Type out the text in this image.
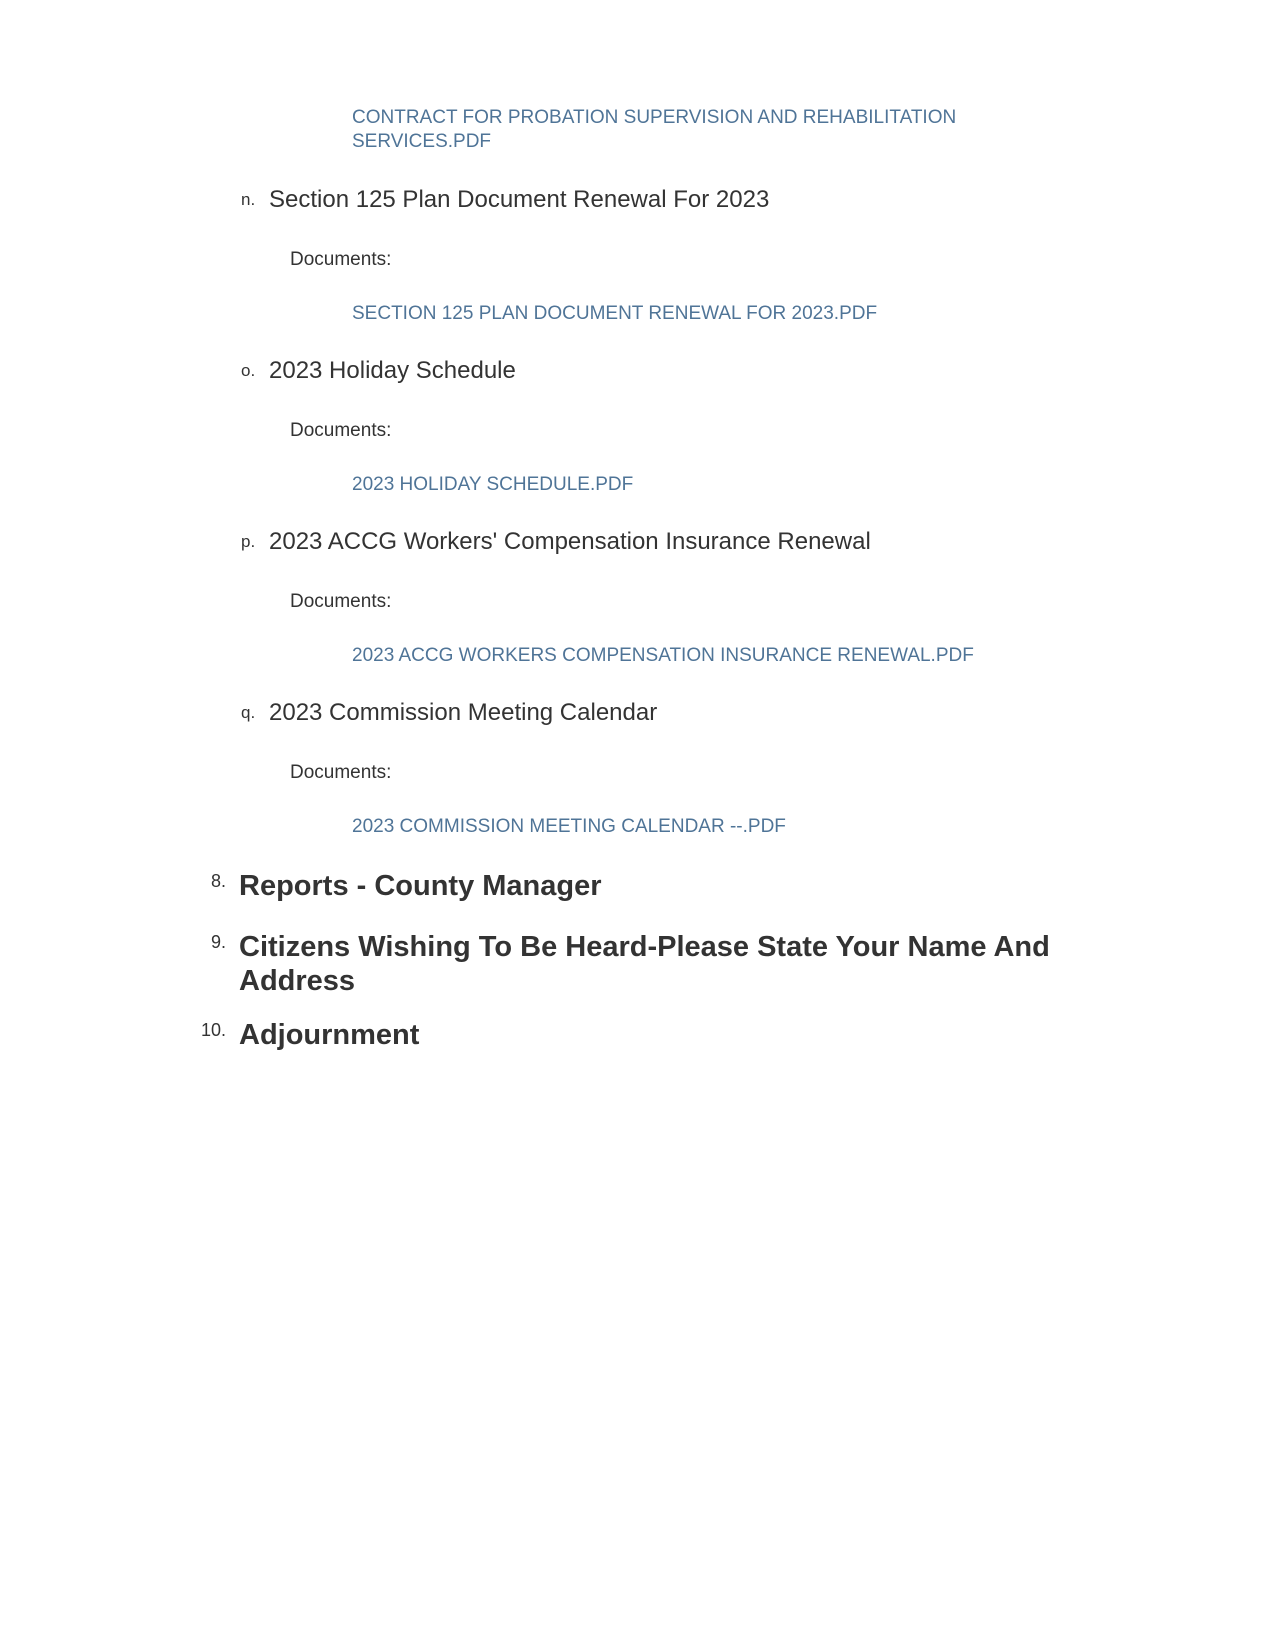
CONTRACT FOR PROBATION SUPERVISION AND REHABILITATION SERVICES.PDF
n. Section 125 Plan Document Renewal For 2023
Documents:
SECTION 125 PLAN DOCUMENT RENEWAL FOR 2023.PDF
o. 2023 Holiday Schedule
Documents:
2023 HOLIDAY SCHEDULE.PDF
p. 2023 ACCG Workers' Compensation Insurance Renewal
Documents:
2023 ACCG WORKERS COMPENSATION INSURANCE RENEWAL.PDF
q. 2023 Commission Meeting Calendar
Documents:
2023 COMMISSION MEETING CALENDAR --.PDF
8. Reports - County Manager
9. Citizens Wishing To Be Heard-Please State Your Name And Address
10. Adjournment
